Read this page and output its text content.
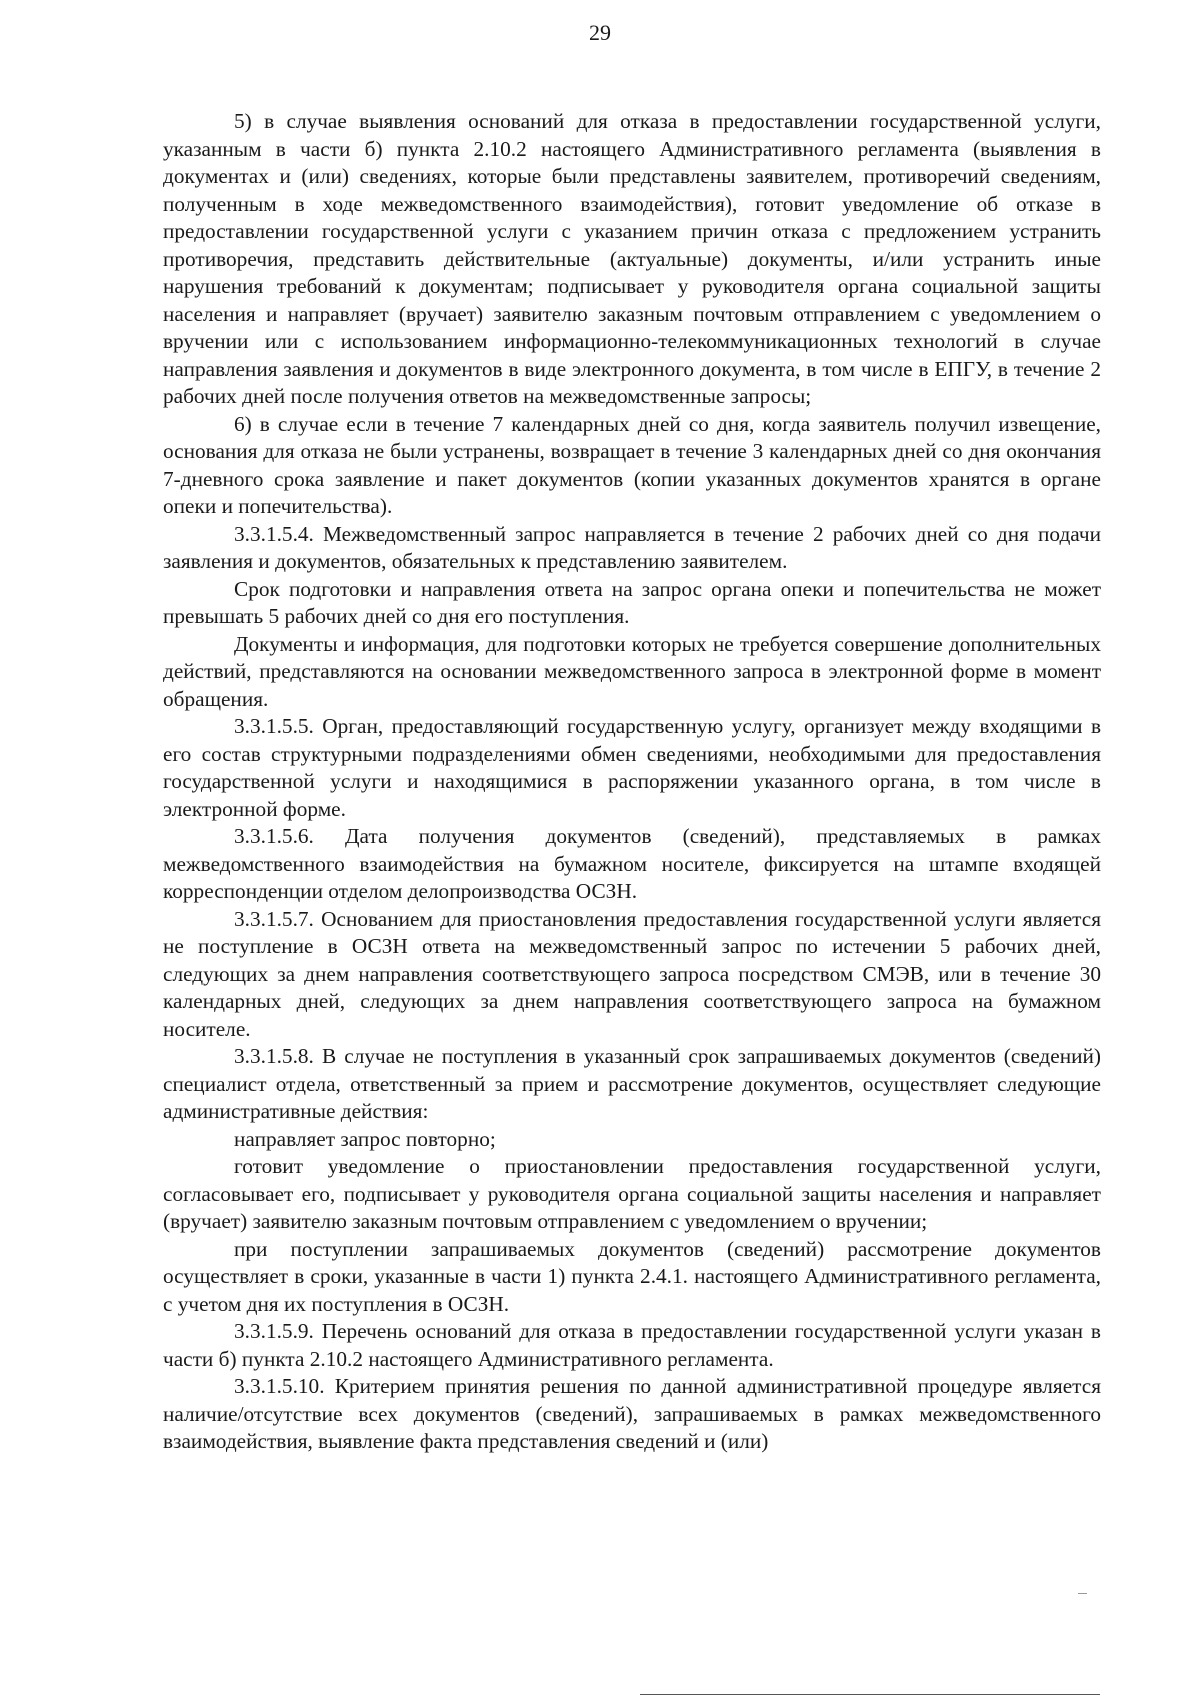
29

5) в случае выявления оснований для отказа в предоставлении государственной услуги, указанным в части б) пункта 2.10.2 настоящего Административного регламента (выявления в документах и (или) сведениях, которые были представлены заявителем, противоречий сведениям, полученным в ходе межведомственного взаимодействия), готовит уведомление об отказе в предоставлении государственной услуги с указанием причин отказа с предложением устранить противоречия, представить действительные (актуальные) документы, и/или устранить иные нарушения требований к документам; подписывает у руководителя органа социальной защиты населения и направляет (вручает) заявителю заказным почтовым отправлением с уведомлением о вручении или с использованием информационно-телекоммуникационных технологий в случае направления заявления и документов в виде электронного документа, в том числе в ЕПГУ, в течение 2 рабочих дней после получения ответов на межведомственные запросы;

6) в случае если в течение 7 календарных дней со дня, когда заявитель получил извещение, основания для отказа не были устранены, возвращает в течение 3 календарных дней со дня окончания 7-дневного срока заявление и пакет документов (копии указанных документов хранятся в органе опеки и попечительства).

3.3.1.5.4. Межведомственный запрос направляется в течение 2 рабочих дней со дня подачи заявления и документов, обязательных к представлению заявителем.

Срок подготовки и направления ответа на запрос органа опеки и попечительства не может превышать 5 рабочих дней со дня его поступления.

Документы и информация, для подготовки которых не требуется совершение дополнительных действий, представляются на основании межведомственного запроса в электронной форме в момент обращения.

3.3.1.5.5. Орган, предоставляющий государственную услугу, организует между входящими в его состав структурными подразделениями обмен сведениями, необходимыми для предоставления государственной услуги и находящимися в распоряжении указанного органа, в том числе в электронной форме.

3.3.1.5.6. Дата получения документов (сведений), представляемых в рамках межведомственного взаимодействия на бумажном носителе, фиксируется на штампе входящей корреспонденции отделом делопроизводства ОСЗН.

3.3.1.5.7. Основанием для приостановления предоставления государственной услуги является не поступление в ОСЗН ответа на межведомственный запрос по истечении 5 рабочих дней, следующих за днем направления соответствующего запроса посредством СМЭВ, или в течение 30 календарных дней, следующих за днем направления соответствующего запроса на бумажном носителе.

3.3.1.5.8. В случае не поступления в указанный срок запрашиваемых документов (сведений) специалист отдела, ответственный за прием и рассмотрение документов, осуществляет следующие административные действия:

направляет запрос повторно;

готовит уведомление о приостановлении предоставления государственной услуги, согласовывает его, подписывает у руководителя органа социальной защиты населения и направляет (вручает) заявителю заказным почтовым отправлением с уведомлением о вручении;

при поступлении запрашиваемых документов (сведений) рассмотрение документов осуществляет в сроки, указанные в части 1) пункта 2.4.1. настоящего Административного регламента, с учетом дня их поступления в ОСЗН.

3.3.1.5.9. Перечень оснований для отказа в предоставлении государственной услуги указан в части б) пункта 2.10.2 настоящего Административного регламента.

3.3.1.5.10. Критерием принятия решения по данной административной процедуре является наличие/отсутствие всех документов (сведений), запрашиваемых в рамках межведомственного взаимодействия, выявление факта представления сведений и (или)
